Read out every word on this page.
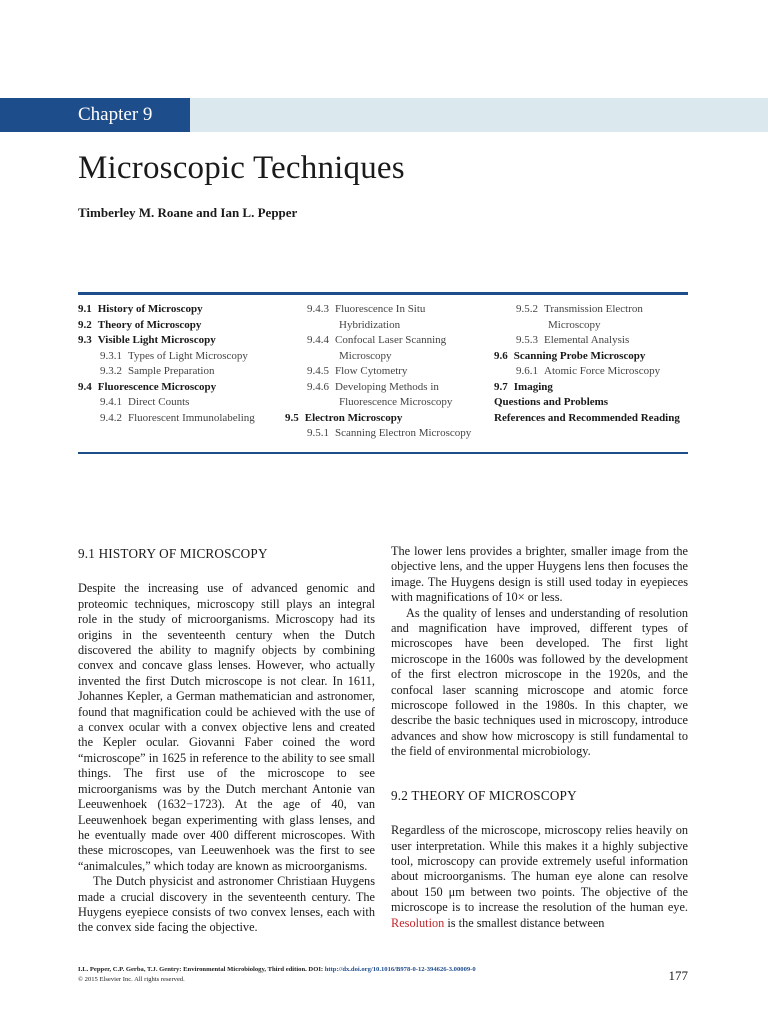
Chapter 9
Microscopic Techniques
Timberley M. Roane and Ian L. Pepper
9.1 History of Microscopy
9.2 Theory of Microscopy
9.3 Visible Light Microscopy
9.3.1 Types of Light Microscopy
9.3.2 Sample Preparation
9.4 Fluorescence Microscopy
9.4.1 Direct Counts
9.4.2 Fluorescent Immunolabeling
9.4.3 Fluorescence In Situ
Hybridization
9.4.4 Confocal Laser Scanning
Microscopy
9.4.5 Flow Cytometry
9.4.6 Developing Methods in
Fluorescence Microscopy
9.5 Electron Microscopy
9.5.1 Scanning Electron Microscopy
9.5.2 Transmission Electron
Microscopy
9.5.3 Elemental Analysis
9.6 Scanning Probe Microscopy
9.6.1 Atomic Force Microscopy
9.7 Imaging
Questions and Problems
References and Recommended Reading
9.1 HISTORY OF MICROSCOPY

Despite the increasing use of advanced genomic and proteomic techniques, microscopy still plays an integral role in the study of microorganisms. Microscopy had its origins in the seventeenth century when the Dutch discovered the ability to magnify objects by combining convex and concave glass lenses. However, who actually invented the first Dutch microscope is not clear. In 1611, Johannes Kepler, a German mathematician and astronomer, found that magnification could be achieved with the use of a convex ocular with a convex objective lens and created the Kepler ocular. Giovanni Faber coined the word “microscope” in 1625 in reference to the ability to see small things. The first use of the microscope to see microorganisms was by the Dutch merchant Antonie van Leeuwenhoek (1632−1723). At the age of 40, van Leeuwenhoek began experimenting with glass lenses, and he eventually made over 400 different microscopes. With these microscopes, van Leeuwenhoek was the first to see “animalcules,” which today are known as microorganisms.

The Dutch physicist and astronomer Christiaan Huygens made a crucial discovery in the seventeenth century. The Huygens eyepiece consists of two convex lenses, each with the convex side facing the objective.

The lower lens provides a brighter, smaller image from the objective lens, and the upper Huygens lens then focuses the image. The Huygens design is still used today in eyepieces with magnifications of 10× or less.

As the quality of lenses and understanding of resolution and magnification have improved, different types of microscopes have been developed. The first light microscope in the 1600s was followed by the development of the first electron microscope in the 1920s, and the confocal laser scanning microscope and atomic force microscope followed in the 1980s. In this chapter, we describe the basic techniques used in microscopy, introduce advances and show how microscopy is still fundamental to the field of environmental microbiology.

9.2 THEORY OF MICROSCOPY

Regardless of the microscope, microscopy relies heavily on user interpretation. While this makes it a highly subjective tool, microscopy can provide extremely useful information about microorganisms. The human eye alone can resolve about 150 μm between two points. The objective of the microscope is to increase the resolution of the human eye. Resolution is the smallest distance between

I.L. Pepper, C.P. Gerba, T.J. Gentry: Environmental Microbiology, Third edition. DOI: http://dx.doi.org/10.1016/B978-0-12-394626-3.00009-0
© 2015 Elsevier Inc. All rights reserved.	177
